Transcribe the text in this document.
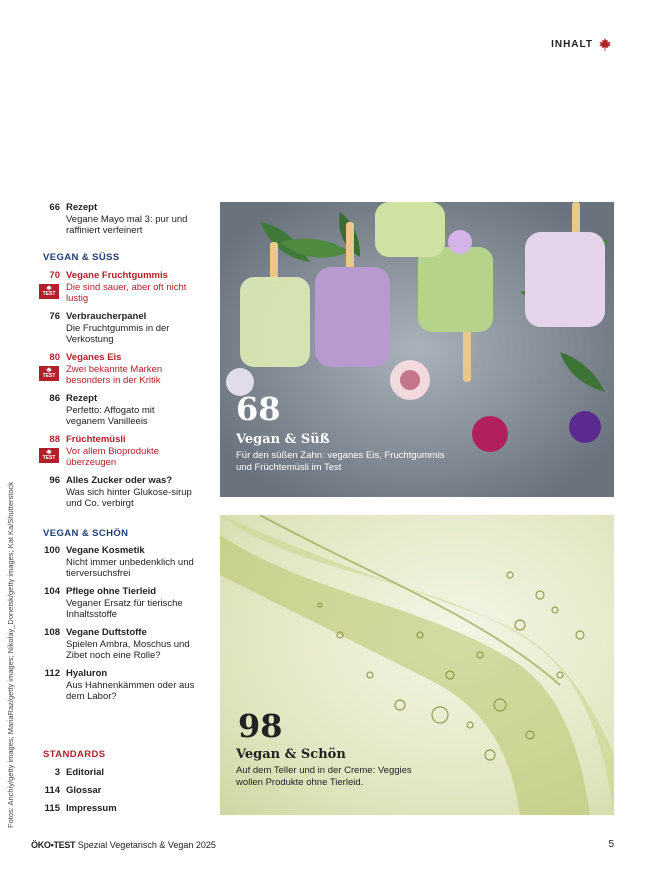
INHALT
66 Rezept
Vegane Mayo mal 3: pur und raffiniert verfeinert
VEGAN & SÜSS
70 Vegane Fruchtgummis
Die sind sauer, aber oft nicht lustig
TEST
76 Verbraucherpanel
Die Fruchtgummis in der Verkostung
80 Veganes Eis
Zwei bekannte Marken besonders in der Kritik
TEST
86 Rezept
Perfetto: Affogato mit veganem Vanilleeis
88 Früchtemüsli
Vor allem Bioprodukte überzeugen
TEST
96 Alles Zucker oder was?
Was sich hinter Glukose-sirup und Co. verbirgt
VEGAN & SCHÖN
100 Vegane Kosmetik
Nicht immer unbedenklich und tierversuchsfrei
104 Pflege ohne Tierleid
Veganer Ersatz für tierische Inhaltsstoffe
108 Vegane Duftstoffe
Spielen Ambra, Moschus und Zibet noch eine Rolle?
112 Hyaluron
Aus Hahnenkämmen oder aus dem Labor?
STANDARDS
3 Editorial
114 Glossar
115 Impressum
68
Vegan & Süß
Für den süßen Zahn: veganes Eis, Fruchtgummis und Früchtemüsli im Test
98
Vegan & Schön
Auf dem Teller und in der Creme: Veggies wollen Produkte ohne Tierleid.
Fotos: Anchiy/getty images; MariaRaz/getty images; Nikolay_Donetsk/getty images; Kat Ka/Shutterstock
ÖKO•TEST Spezial Vegetarisch & Vegan 2025	5
